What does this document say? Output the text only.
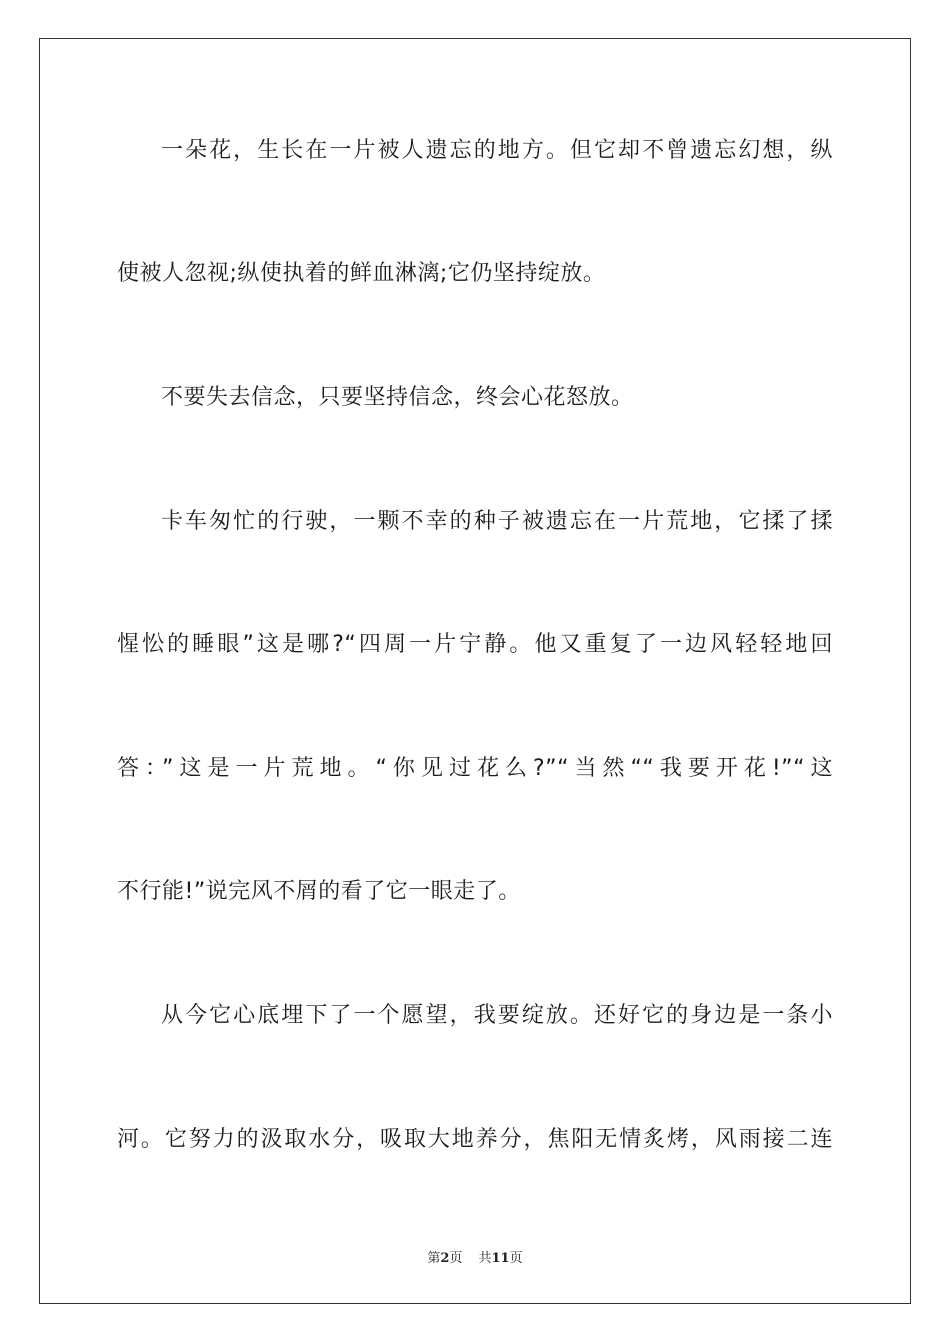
一朵花，生长在一片被人遗忘的地方。但它却不曾遗忘幻想，纵
使被人忽视;纵使执着的鲜血淋漓;它仍坚持绽放。
不要失去信念，只要坚持信念，终会心花怒放。
卡车匆忙的行驶，一颗不幸的种子被遗忘在一片荒地，它揉了揉
惺忪的睡眼”这是哪?“四周一片宁静。他又重复了一边风轻轻地回
答：”这是一片荒地。“你见过花么?”“当然““我要开花!”“这
不行能!”说完风不屑的看了它一眼走了。
从今它心底埋下了一个愿望，我要绽放。还好它的身边是一条小
河。它努力的汲取水分，吸取大地养分，焦阳无情炙烤，风雨接二连
第2页 共11页
